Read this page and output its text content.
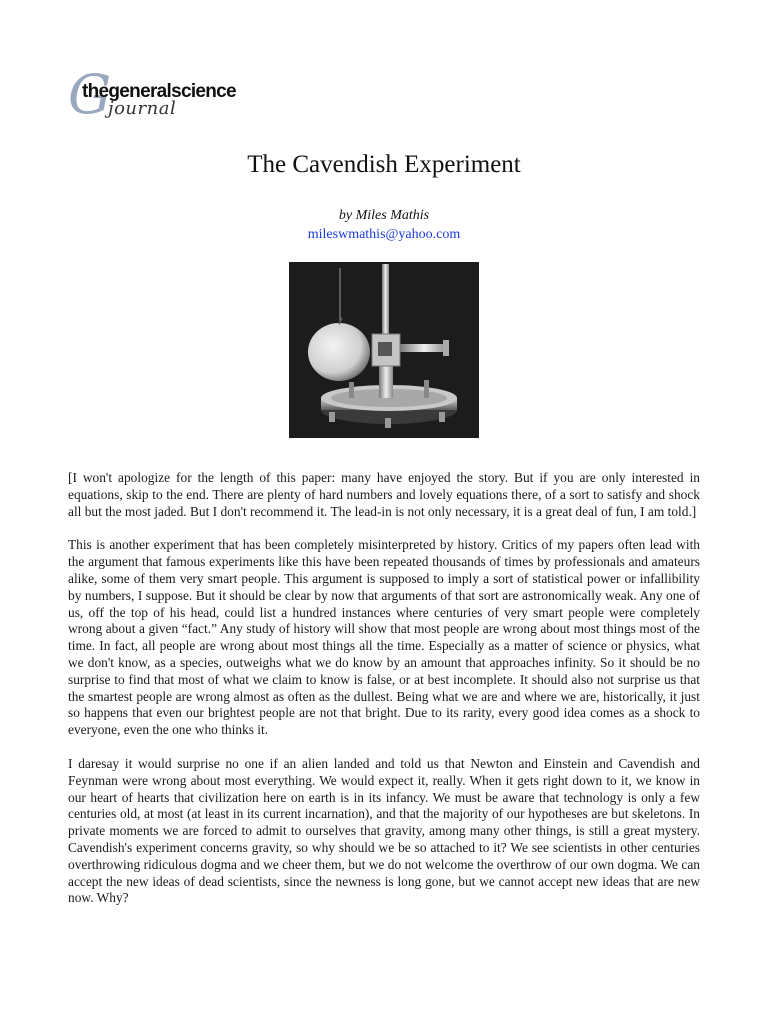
G
thegeneralscience
journal
The Cavendish Experiment
by Miles Mathis
mileswmathis@yahoo.com

[I won't apologize for the length of this paper: many have enjoyed the story. But if you are only interested in equations, skip to the end. There are plenty of hard numbers and lovely equations there, of a sort to satisfy and shock all but the most jaded. But I don't recommend it. The lead-in is not only necessary, it is a great deal of fun, I am told.]

This is another experiment that has been completely misinterpreted by history. Critics of my papers often lead with the argument that famous experiments like this have been repeated thousands of times by professionals and amateurs alike, some of them very smart people. This argument is supposed to imply a sort of statistical power or infallibility by numbers, I suppose. But it should be clear by now that arguments of that sort are astronomically weak. Any one of us, off the top of his head, could list a hundred instances where centuries of very smart people were completely wrong about a given “fact.” Any study of history will show that most people are wrong about most things most of the time. In fact, all people are wrong about most things all the time. Especially as a matter of science or physics, what we don't know, as a species, outweighs what we do know by an amount that approaches infinity. So it should be no surprise to find that most of what we claim to know is false, or at best incomplete. It should also not surprise us that the smartest people are wrong almost as often as the dullest. Being what we are and where we are, historically, it just so happens that even our brightest people are not that bright. Due to its rarity, every good idea comes as a shock to everyone, even the one who thinks it.

I daresay it would surprise no one if an alien landed and told us that Newton and Einstein and Cavendish and Feynman were wrong about most everything. We would expect it, really. When it gets right down to it, we know in our heart of hearts that civilization here on earth is in its infancy. We must be aware that technology is only a few centuries old, at most (at least in its current incarnation), and that the majority of our hypotheses are but skeletons. In private moments we are forced to admit to ourselves that gravity, among many other things, is still a great mystery. Cavendish's experiment concerns gravity, so why should we be so attached to it? We see scientists in other centuries overthrowing ridiculous dogma and we cheer them, but we do not welcome the overthrow of our own dogma. We can accept the new ideas of dead scientists, since the newness is long gone, but we cannot accept new ideas that are new now. Why?
